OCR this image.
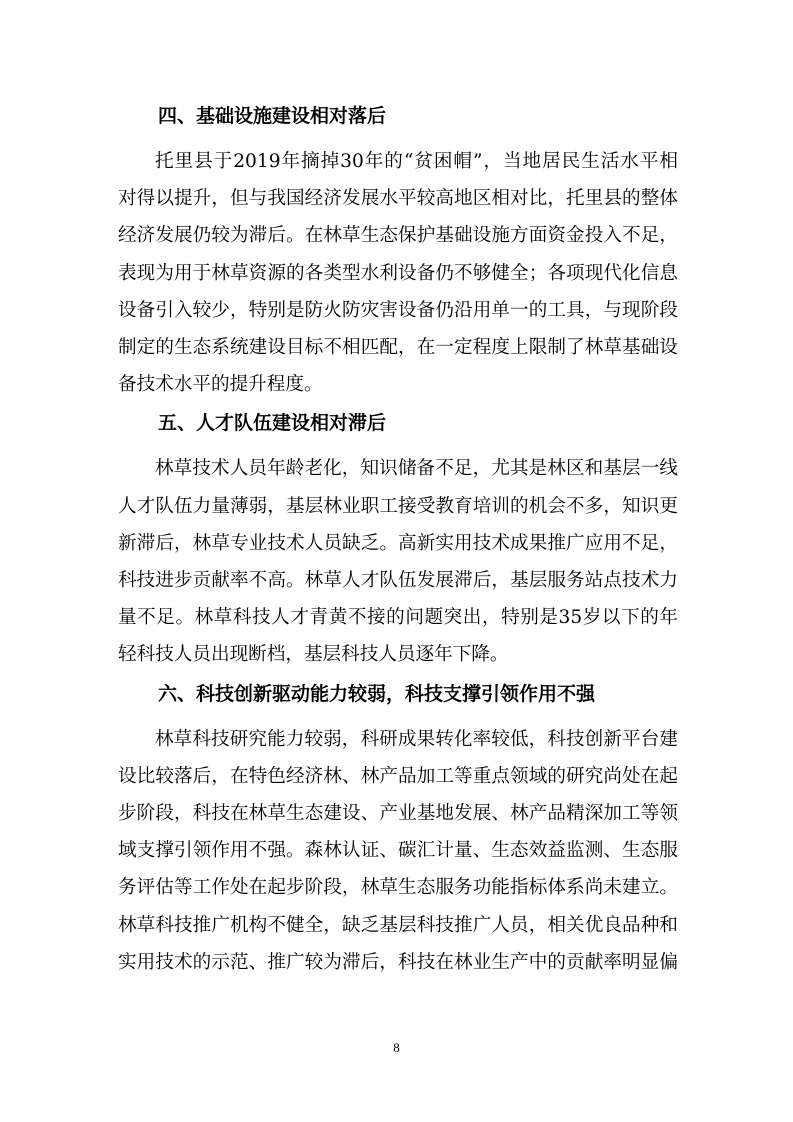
四、基础设施建设相对落后

托里县于2019年摘掉30年的“贫困帽”，当地居民生活水平相
对得以提升，但与我国经济发展水平较高地区相对比，托里县的整体
经济发展仍较为滞后。在林草生态保护基础设施方面资金投入不足，
表现为用于林草资源的各类型水利设备仍不够健全；各项现代化信息
设备引入较少，特别是防火防灾害设备仍沿用单一的工具，与现阶段
制定的生态系统建设目标不相匹配，在一定程度上限制了林草基础设
备技术水平的提升程度。

五、人才队伍建设相对滞后

林草技术人员年龄老化，知识储备不足，尤其是林区和基层一线
人才队伍力量薄弱，基层林业职工接受教育培训的机会不多，知识更
新滞后，林草专业技术人员缺乏。高新实用技术成果推广应用不足，
科技进步贡献率不高。林草人才队伍发展滞后，基层服务站点技术力
量不足。林草科技人才青黄不接的问题突出，特别是35岁以下的年
轻科技人员出现断档，基层科技人员逐年下降。

六、科技创新驱动能力较弱，科技支撑引领作用不强

林草科技研究能力较弱，科研成果转化率较低，科技创新平台建
设比较落后，在特色经济林、林产品加工等重点领域的研究尚处在起
步阶段，科技在林草生态建设、产业基地发展、林产品精深加工等领
域支撑引领作用不强。森林认证、碳汇计量、生态效益监测、生态服
务评估等工作处在起步阶段，林草生态服务功能指标体系尚未建立。
林草科技推广机构不健全，缺乏基层科技推广人员，相关优良品种和
实用技术的示范、推广较为滞后，科技在林业生产中的贡献率明显偏

8
